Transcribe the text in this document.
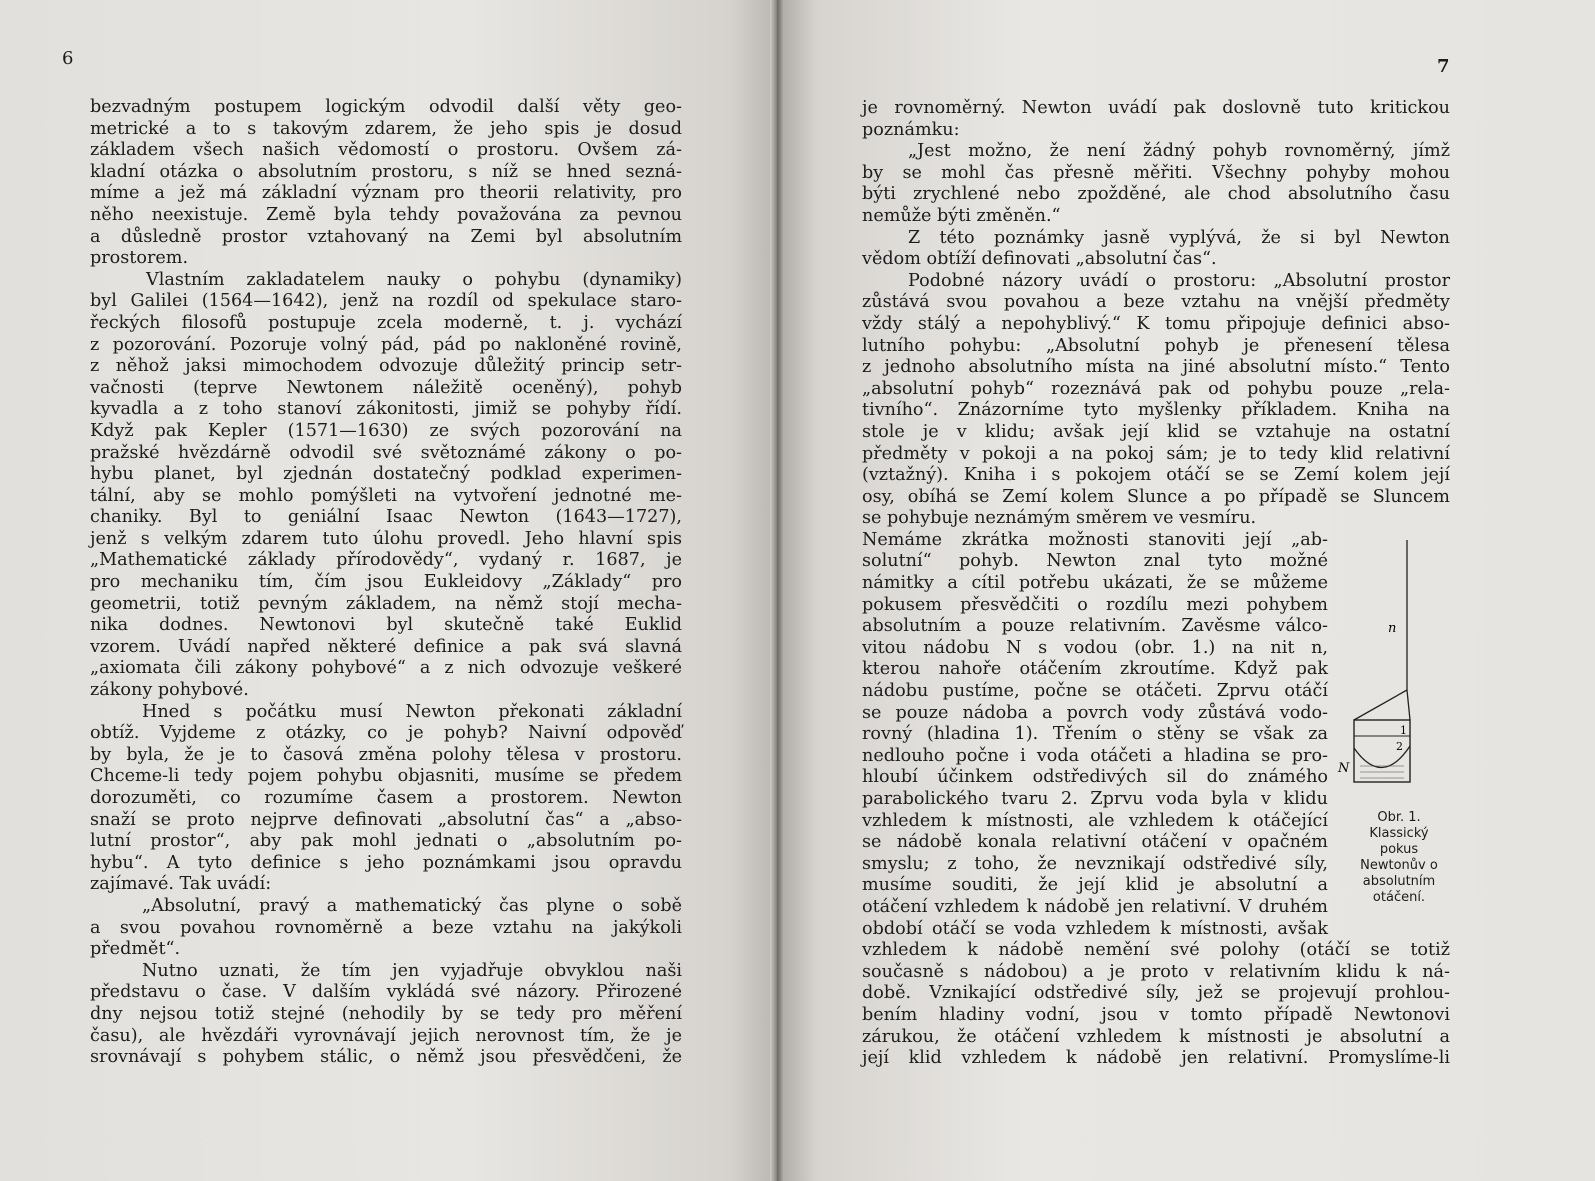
6
bezvadným postupem logickým odvodil další věty geo-
metrické a to s takovým zdarem, že jeho spis je dosud
základem všech našich vědomostí o prostoru. Ovšem zá-
kladní otázka o absolutním prostoru, s níž se hned sezná-
míme a jež má základní význam pro theorii relativity, pro
něho neexistuje. Země byla tehdy považována za pevnou
a důsledně prostor vztahovaný na Zemi byl absolutním
prostorem.
Vlastním zakladatelem nauky o pohybu (dynamiky)
byl Galilei (1564—1642), jenž na rozdíl od spekulace staro-
řeckých filosofů postupuje zcela moderně, t. j. vychází
z pozorování. Pozoruje volný pád, pád po nakloněné rovině,
z něhož jaksi mimochodem odvozuje důležitý princip setr-
vačnosti (teprve Newtonem náležitě oceněný), pohyb
kyvadla a z toho stanoví zákonitosti, jimiž se pohyby řídí.
Když pak Kepler (1571—1630) ze svých pozorování na
pražské hvězdárně odvodil své světoznámé zákony o po-
hybu planet, byl zjednán dostatečný podklad experimen-
tální, aby se mohlo pomýšleti na vytvoření jednotné me-
chaniky. Byl to geniální Isaac Newton (1643—1727),
jenž s velkým zdarem tuto úlohu provedl. Jeho hlavní spis
„Mathematické základy přírodovědy“, vydaný r. 1687, je
pro mechaniku tím, čím jsou Eukleidovy „Základy“ pro
geometrii, totiž pevným základem, na němž stojí mecha-
nika dodnes. Newtonovi byl skutečně také Euklid
vzorem. Uvádí napřed některé definice a pak svá slavná
„axiomata čili zákony pohybové“ a z nich odvozuje veškeré
zákony pohybové.
Hned s počátku musí Newton překonati základní
obtíž. Vyjdeme z otázky, co je pohyb? Naivní odpověď
by byla, že je to časová změna polohy tělesa v prostoru.
Chceme-li tedy pojem pohybu objasniti, musíme se předem
dorozuměti, co rozumíme časem a prostorem. Newton
snaží se proto nejprve definovati „absolutní čas“ a „abso-
lutní prostor“, aby pak mohl jednati o „absolutním po-
hybu“. A tyto definice s jeho poznámkami jsou opravdu
zajímavé. Tak uvádí:
„Absolutní, pravý a mathematický čas plyne o sobě
a svou povahou rovnoměrně a beze vztahu na jakýkoli
předmět“.
Nutno uznati, že tím jen vyjadřuje obvyklou naši
představu o čase. V dalším vykládá své názory. Přirozené
dny nejsou totiž stejné (nehodily by se tedy pro měření
času), ale hvězdáři vyrovnávají jejich nerovnost tím, že je
srovnávají s pohybem stálic, o němž jsou přesvědčeni, že
7
je rovnoměrný. Newton uvádí pak doslovně tuto kritickou
poznámku:
„Jest možno, že není žádný pohyb rovnoměrný, jímž
by se mohl čas přesně měřiti. Všechny pohyby mohou
býti zrychlené nebo zpožděné, ale chod absolutního času
nemůže býti změněn.“
Z této poznámky jasně vyplývá, že si byl Newton
vědom obtíží definovati „absolutní čas“.
Podobné názory uvádí o prostoru: „Absolutní prostor
zůstává svou povahou a beze vztahu na vnější předměty
vždy stálý a nepohyblivý.“ K tomu připojuje definici abso-
lutního pohybu: „Absolutní pohyb je přenesení tělesa
z jednoho absolutního místa na jiné absolutní místo.“ Tento
„absolutní pohyb“ rozeznává pak od pohybu pouze „rela-
tivního“. Znázorníme tyto myšlenky příkladem. Kniha na
stole je v klidu; avšak její klid se vztahuje na ostatní
předměty v pokoji a na pokoj sám; je to tedy klid relativní
(vztažný). Kniha i s pokojem otáčí se se Zemí kolem její
osy, obíhá se Zemí kolem Slunce a po případě se Sluncem
se pohybuje neznámým směrem ve vesmíru.
Nemáme zkrátka možnosti stanoviti její „ab-
solutní“ pohyb. Newton znal tyto možné
námitky a cítil potřebu ukázati, že se můžeme
pokusem přesvědčiti o rozdílu mezi pohybem
absolutním a pouze relativním. Zavěsme válco-
vitou nádobu N s vodou (obr. 1.) na nit n,
kterou nahoře otáčením zkroutíme. Když pak
nádobu pustíme, počne se otáčeti. Zprvu otáčí
se pouze nádoba a povrch vody zůstává vodo-
rovný (hladina 1). Třením o stěny se však za
nedlouho počne i voda otáčeti a hladina se pro-
hloubí účinkem odstředivých sil do známého
parabolického tvaru 2. Zprvu voda byla v klidu
vzhledem k místnosti, ale vzhledem k otáčející
se nádobě konala relativní otáčení v opačném
smyslu; z toho, že nevznikají odstředivé síly,
musíme souditi, že její klid je absolutní a
otáčení vzhledem k nádobě jen relativní. V druhém
období otáčí se voda vzhledem k místnosti, avšak
vzhledem k nádobě nemění své polohy (otáčí se totiž
současně s nádobou) a je proto v relativním klidu k ná-
době. Vznikající odstředivé síly, jež se projevují prohlou-
bením hladiny vodní, jsou v tomto případě Newtonovi
zárukou, že otáčení vzhledem k místnosti je absolutní a
její klid vzhledem k nádobě jen relativní. Promyslíme-li
n
N
2
1
Obr. 1.
Klassický
pokus
Newtonův o
absolutním
otáčení.
